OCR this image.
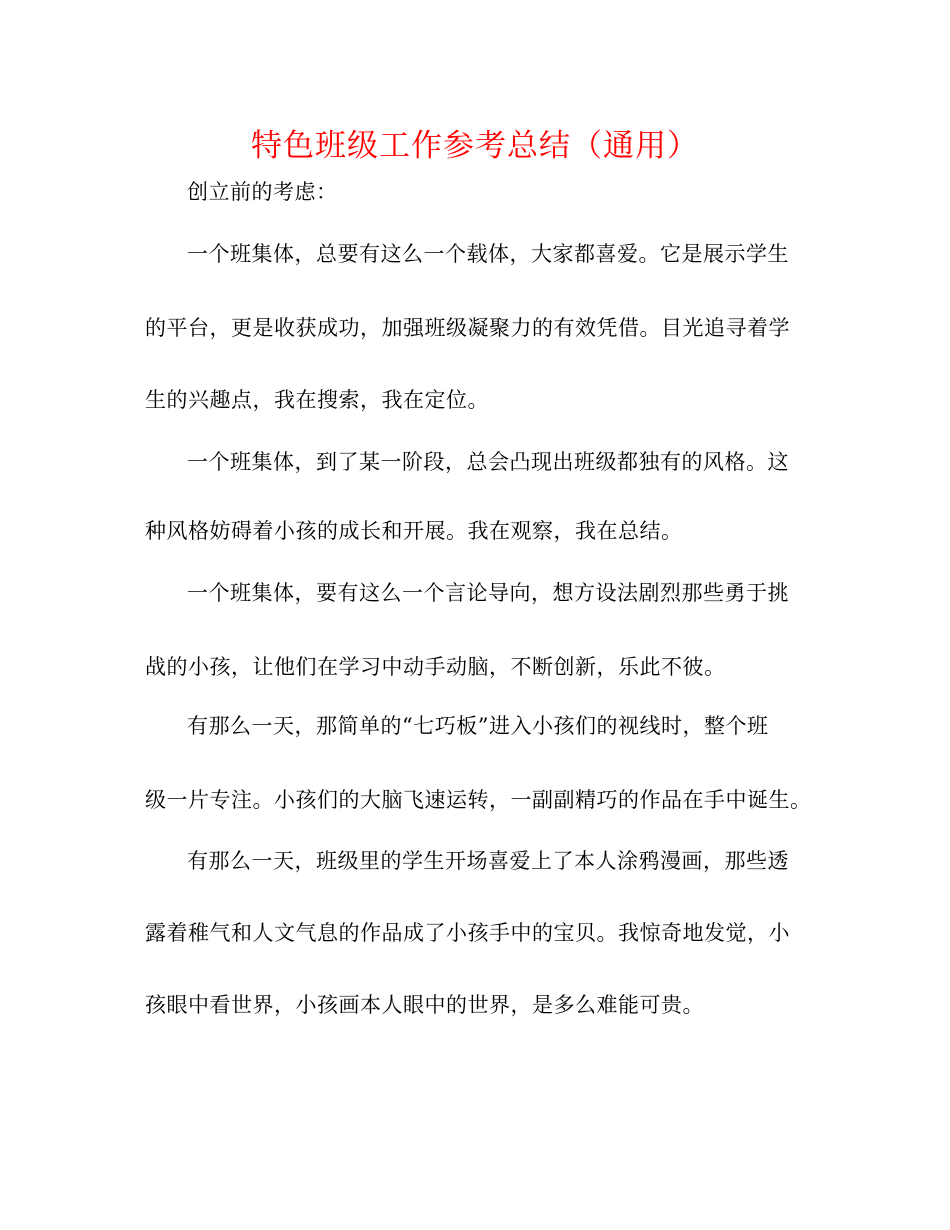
特色班级工作参考总结（通用）
创立前的考虑：
一个班集体，总要有这么一个载体，大家都喜爱。它是展示学生
的平台，更是收获成功，加强班级凝聚力的有效凭借。目光追寻着学
生的兴趣点，我在搜索，我在定位。
一个班集体，到了某一阶段，总会凸现出班级都独有的风格。这
种风格妨碍着小孩的成长和开展。我在观察，我在总结。
一个班集体，要有这么一个言论导向，想方设法剧烈那些勇于挑
战的小孩，让他们在学习中动手动脑，不断创新，乐此不彼。
有那么一天，那简单的“七巧板”进入小孩们的视线时，整个班
级一片专注。小孩们的大脑飞速运转，一副副精巧的作品在手中诞生。
有那么一天，班级里的学生开场喜爱上了本人涂鸦漫画，那些透
露着稚气和人文气息的作品成了小孩手中的宝贝。我惊奇地发觉，小
孩眼中看世界，小孩画本人眼中的世界，是多么难能可贵。
